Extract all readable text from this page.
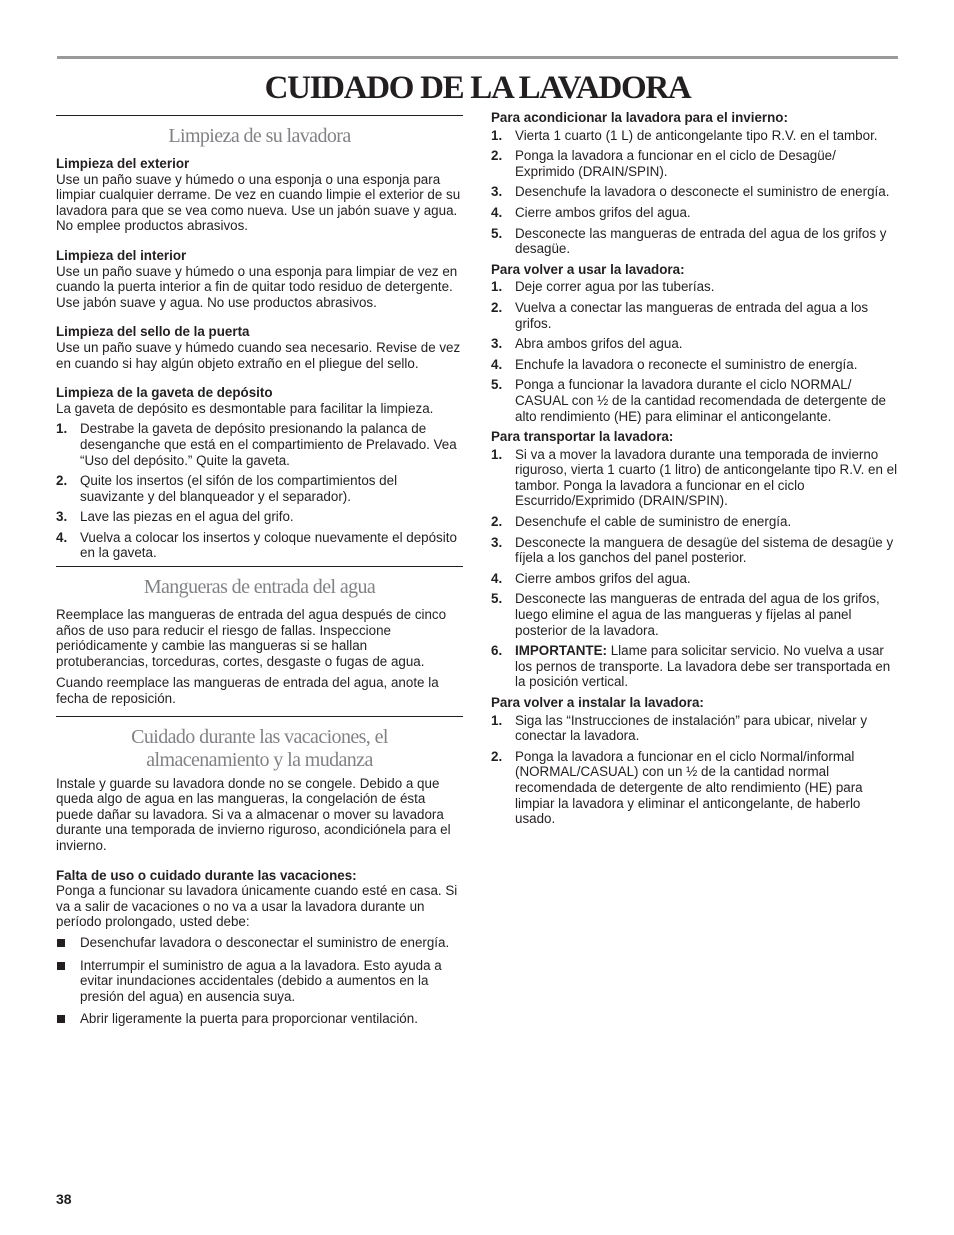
CUIDADO DE LA LAVADORA
Limpieza de su lavadora

Limpieza del exterior

Use un paño suave y húmedo o una esponja o una esponja para limpiar cualquier derrame. De vez en cuando limpie el exterior de su lavadora para que se vea como nueva. Use un jabón suave y agua. No emplee productos abrasivos.

Limpieza del interior

Use un paño suave y húmedo o una esponja para limpiar de vez en cuando la puerta interior a fin de quitar todo residuo de detergente. Use jabón suave y agua. No use productos abrasivos.

Limpieza del sello de la puerta

Use un paño suave y húmedo cuando sea necesario. Revise de vez en cuando si hay algún objeto extraño en el pliegue del sello.

Limpieza de la gaveta de depósito

La gaveta de depósito es desmontable para facilitar la limpieza.

1. Destrabe la gaveta de depósito presionando la palanca de desenganche que está en el compartimiento de Prelavado. Vea “Uso del depósito.” Quite la gaveta.
2. Quite los insertos (el sifón de los compartimientos del suavizante y del blanqueador y el separador).
3. Lave las piezas en el agua del grifo.
4. Vuelva a colocar los insertos y coloque nuevamente el depósito en la gaveta.
Mangueras de entrada del agua

Reemplace las mangueras de entrada del agua después de cinco años de uso para reducir el riesgo de fallas. Inspeccione periódicamente y cambie las mangueras si se hallan protuberancias, torceduras, cortes, desgaste o fugas de agua.

Cuando reemplace las mangueras de entrada del agua, anote la fecha de reposición.

Cuidado durante las vacaciones, el
almacenamiento y la mudanza

Instale y guarde su lavadora donde no se congele. Debido a que queda algo de agua en las mangueras, la congelación de ésta puede dañar su lavadora. Si va a almacenar o mover su lavadora durante una temporada de invierno riguroso, acondiciónela para el invierno.

Falta de uso o cuidado durante las vacaciones:

Ponga a funcionar su lavadora únicamente cuando esté en casa. Si va a salir de vacaciones o no va a usar la lavadora durante un período prolongado, usted debe:

Desenchufar lavadora o desconectar el suministro de energía.
Interrumpir el suministro de agua a la lavadora. Esto ayuda a evitar inundaciones accidentales (debido a aumentos en la presión del agua) en ausencia suya.
Abrir ligeramente la puerta para proporcionar ventilación.

Para acondicionar la lavadora para el invierno:

1. Vierta 1 cuarto (1 L) de anticongelante tipo R.V. en el tambor.
2. Ponga la lavadora a funcionar en el ciclo de Desagüe/ Exprimido (DRAIN/SPIN).
3. Desenchufe la lavadora o desconecte el suministro de energía.
4. Cierre ambos grifos del agua.
5. Desconecte las mangueras de entrada del agua de los grifos y desagüe.

Para volver a usar la lavadora:

1. Deje correr agua por las tuberías.
2. Vuelva a conectar las mangueras de entrada del agua a los grifos.
3. Abra ambos grifos del agua.
4. Enchufe la lavadora o reconecte el suministro de energía.
5. Ponga a funcionar la lavadora durante el ciclo NORMAL/ CASUAL con ½ de la cantidad recomendada de detergente de alto rendimiento (HE) para eliminar el anticongelante.

Para transportar la lavadora:

1. Si va a mover la lavadora durante una temporada de invierno riguroso, vierta 1 cuarto (1 litro) de anticongelante tipo R.V. en el tambor. Ponga la lavadora a funcionar en el ciclo Escurrido/Exprimido (DRAIN/SPIN).
2. Desenchufe el cable de suministro de energía.
3. Desconecte la manguera de desagüe del sistema de desagüe y fíjela a los ganchos del panel posterior.
4. Cierre ambos grifos del agua.
5. Desconecte las mangueras de entrada del agua de los grifos, luego elimine el agua de las mangueras y fíjelas al panel posterior de la lavadora.
6. IMPORTANTE: Llame para solicitar servicio. No vuelva a usar los pernos de transporte. La lavadora debe ser transportada en la posición vertical.

Para volver a instalar la lavadora:

1. Siga las “Instrucciones de instalación” para ubicar, nivelar y conectar la lavadora.
2. Ponga la lavadora a funcionar en el ciclo Normal/informal (NORMAL/CASUAL) con un ½ de la cantidad normal recomendada de detergente de alto rendimiento (HE) para limpiar la lavadora y eliminar el anticongelante, de haberlo usado.
38
